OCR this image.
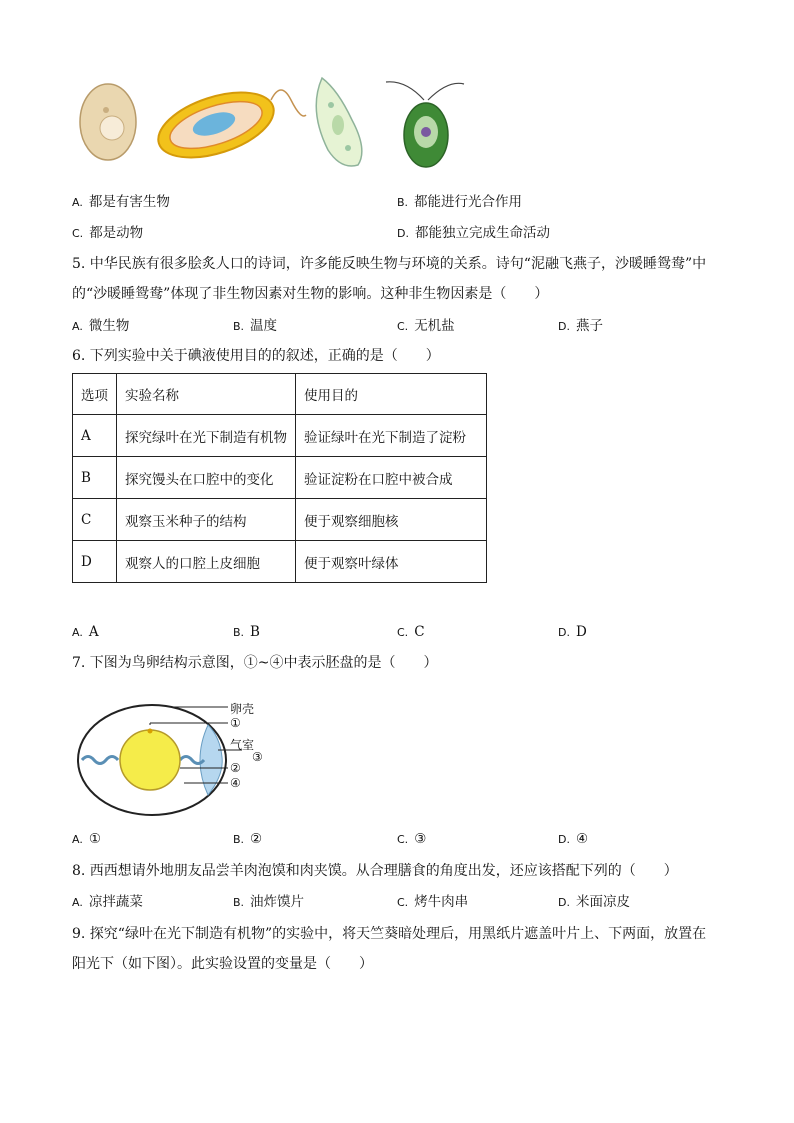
A. 都是有害生物	B. 都能进行光合作用
C. 都是动物	D. 都能独立完成生命活动
5. 中华民族有很多脍炙人口的诗词，许多能反映生物与环境的关系。诗句“泥融飞燕子，沙暖睡鸳鸯”中
的“沙暖睡鸳鸯”体现了非生物因素对生物的影响。这种非生物因素是（　　）
A. 微生物	B. 温度	C. 无机盐	D. 燕子
6. 下列实验中关于碘液使用目的的叙述，正确的是（　　）
选项	实验名称	使用目的
A	探究绿叶在光下制造有机物	验证绿叶在光下制造了淀粉
B	探究馒头在口腔中的变化	验证淀粉在口腔中被合成
C	观察玉米种子的结构	便于观察细胞核
D	观察人的口腔上皮细胞	便于观察叶绿体
A. A	B. B	C. C	D. D
7. 下图为鸟卵结构示意图，①~④中表示胚盘的是（　　）
卵壳
①
气室
③
②
④
A. ①	B. ②	C. ③	D. ④
8. 西西想请外地朋友品尝羊肉泡馍和肉夹馍。从合理膳食的角度出发，还应该搭配下列的（　　）
A. 凉拌蔬菜	B. 油炸馍片	C. 烤牛肉串	D. 米面凉皮
9. 探究“绿叶在光下制造有机物”的实验中，将天竺葵暗处理后，用黑纸片遮盖叶片上、下两面，放置在
阳光下（如下图）。此实验设置的变量是（　　）
